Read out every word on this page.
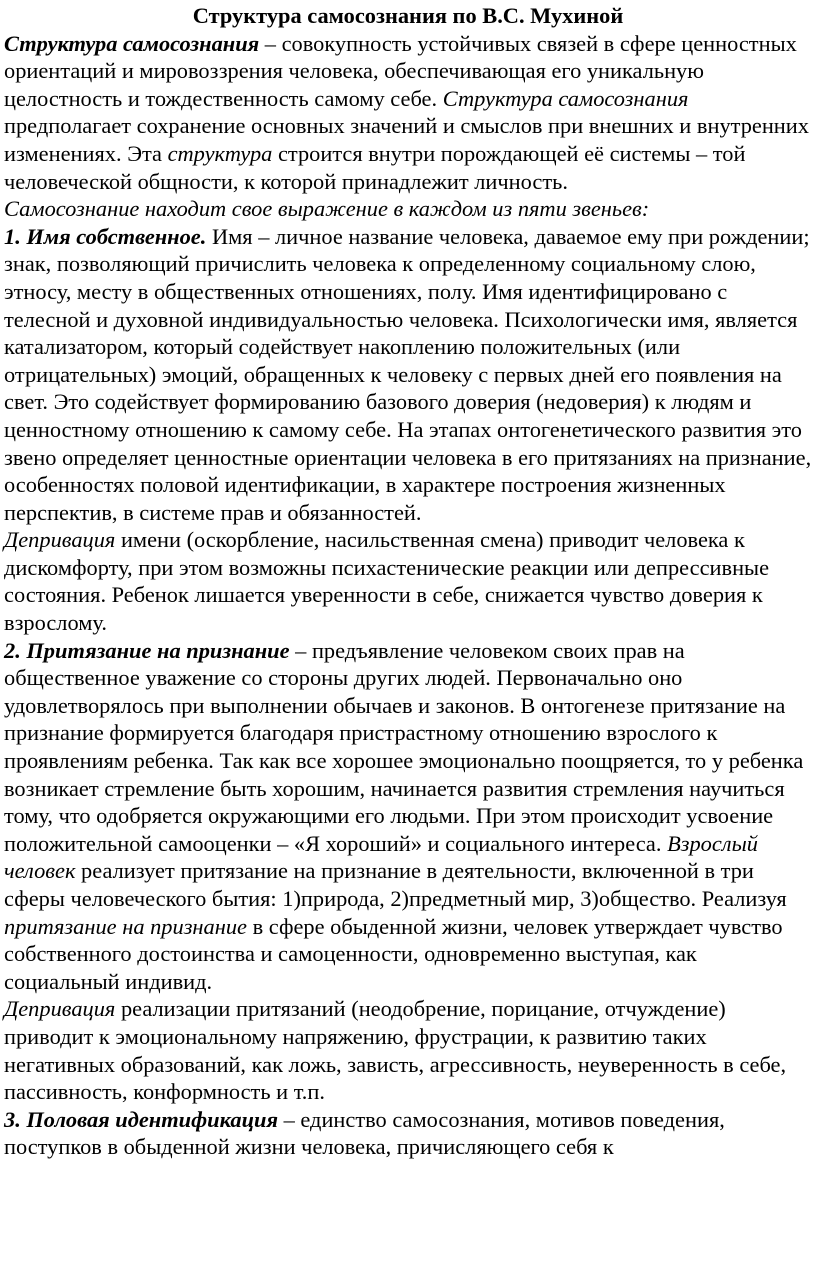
Структура самосознания по В.С. Мухиной

Структура самосознания – совокупность устойчивых связей в сфере ценностных ориентаций и мировоззрения человека, обеспечивающая его уникальную целостность и тождественность самому себе. Структура самосознания предполагает сохранение основных значений и смыслов при внешних и внутренних изменениях. Эта структура строится внутри порождающей её системы – той человеческой общности, к которой принадлежит личность.

Самосознание находит свое выражение в каждом из пяти звеньев:

1. Имя собственное. Имя – личное название человека, даваемое ему при рождении; знак, позволяющий причислить человека к определенному социальному слою, этносу, месту в общественных отношениях, полу. Имя идентифицировано с телесной и духовной индивидуальностью человека. Психологически имя, является катализатором, который содействует накоплению положительных (или отрицательных) эмоций, обращенных к человеку с первых дней его появления на свет. Это содействует формированию базового доверия (недоверия) к людям и ценностному отношению к самому себе. На этапах онтогенетического развития это звено определяет ценностные ориентации человека в его притязаниях на признание, особенностях половой идентификации, в характере построения жизненных перспектив, в системе прав и обязанностей.

Депривация имени (оскорбление, насильственная смена) приводит человека к дискомфорту, при этом возможны психастенические реакции или депрессивные состояния. Ребенок лишается уверенности в себе, снижается чувство доверия к взрослому.

2. Притязание на признание – предъявление человеком своих прав на общественное уважение со стороны других людей. Первоначально оно удовлетворялось при выполнении обычаев и законов. В онтогенезе притязание на признание формируется благодаря пристрастному отношению взрослого к проявлениям ребенка. Так как все хорошее эмоционально поощряется, то у ребенка возникает стремление быть хорошим, начинается развития стремления научиться тому, что одобряется окружающими его людьми. При этом происходит усвоение положительной самооценки – «Я хороший» и социального интереса. Взрослый человек реализует притязание на признание в деятельности, включенной в три сферы человеческого бытия: 1)природа, 2)предметный мир, 3)общество. Реализуя притязание на признание в сфере обыденной жизни, человек утверждает чувство собственного достоинства и самоценности, одновременно выступая, как социальный индивид.

Депривация реализации притязаний (неодобрение, порицание, отчуждение) приводит к эмоциональному напряжению, фрустрации, к развитию таких негативных образований, как ложь, зависть, агрессивность, неуверенность в себе, пассивность, конформность и т.п.

3. Половая идентификация – единство самосознания, мотивов поведения, поступков в обыденной жизни человека, причисляющего себя к
